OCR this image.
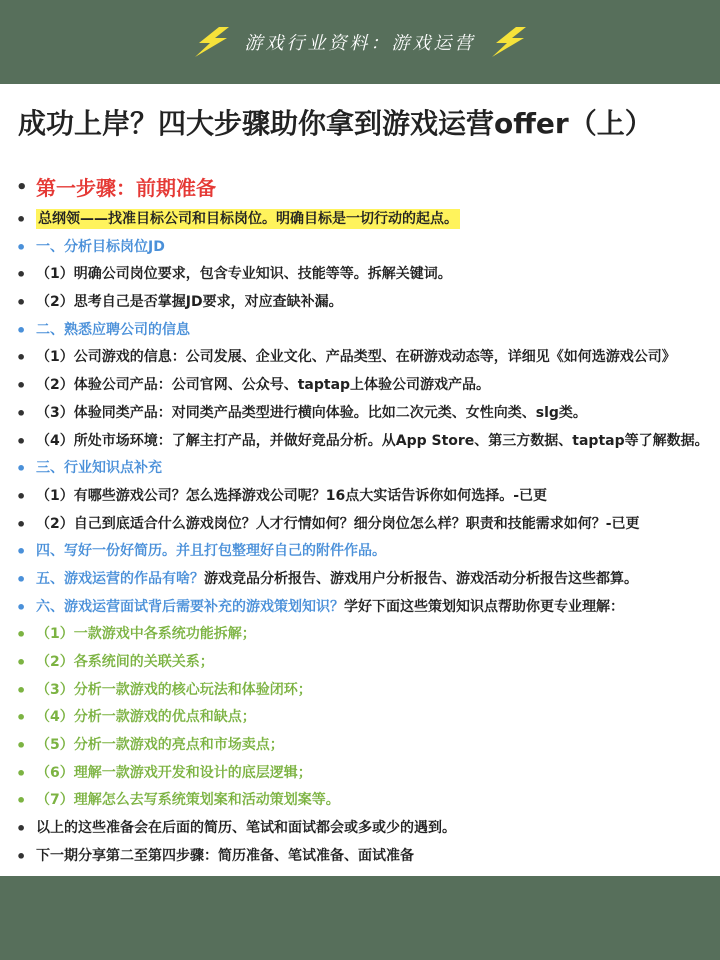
游戏行业资料：游戏运营
成功上岸？四大步骤助你拿到游戏运营offer（上）
• 第一步骤：前期准备
• 总纲领——找准目标公司和目标岗位。明确目标是一切行动的起点。
• 一、分析目标岗位JD
• （1）明确公司岗位要求，包含专业知识、技能等等。拆解关键词。
• （2）思考自己是否掌握JD要求，对应查缺补漏。
• 二、熟悉应聘公司的信息
• （1）公司游戏的信息：公司发展、企业文化、产品类型、在研游戏动态等，详细见《如何选游戏公司》
• （2）体验公司产品：公司官网、公众号、taptap上体验公司游戏产品。
• （3）体验同类产品：对同类产品类型进行横向体验。比如二次元类、女性向类、slg类。
• （4）所处市场环境：了解主打产品，并做好竞品分析。从App Store、第三方数据、taptap等了解数据。
• 三、行业知识点补充
• （1）有哪些游戏公司？怎么选择游戏公司呢？16点大实话告诉你如何选择。-已更
• （2）自己到底适合什么游戏岗位？人才行情如何？细分岗位怎么样？职责和技能需求如何？-已更
• 四、写好一份好简历。并且打包整理好自己的附件作品。
• 五、游戏运营的作品有啥？游戏竞品分析报告、游戏用户分析报告、游戏活动分析报告这些都算。
• 六、游戏运营面试背后需要补充的游戏策划知识？学好下面这些策划知识点帮助你更专业理解：
• （1）一款游戏中各系统功能拆解；
• （2）各系统间的关联关系；
• （3）分析一款游戏的核心玩法和体验闭环；
• （4）分析一款游戏的优点和缺点；
• （5）分析一款游戏的亮点和市场卖点；
• （6）理解一款游戏开发和设计的底层逻辑；
• （7）理解怎么去写系统策划案和活动策划案等。
• 以上的这些准备会在后面的简历、笔试和面试都会或多或少的遇到。
• 下一期分享第二至第四步骤：简历准备、笔试准备、面试准备
